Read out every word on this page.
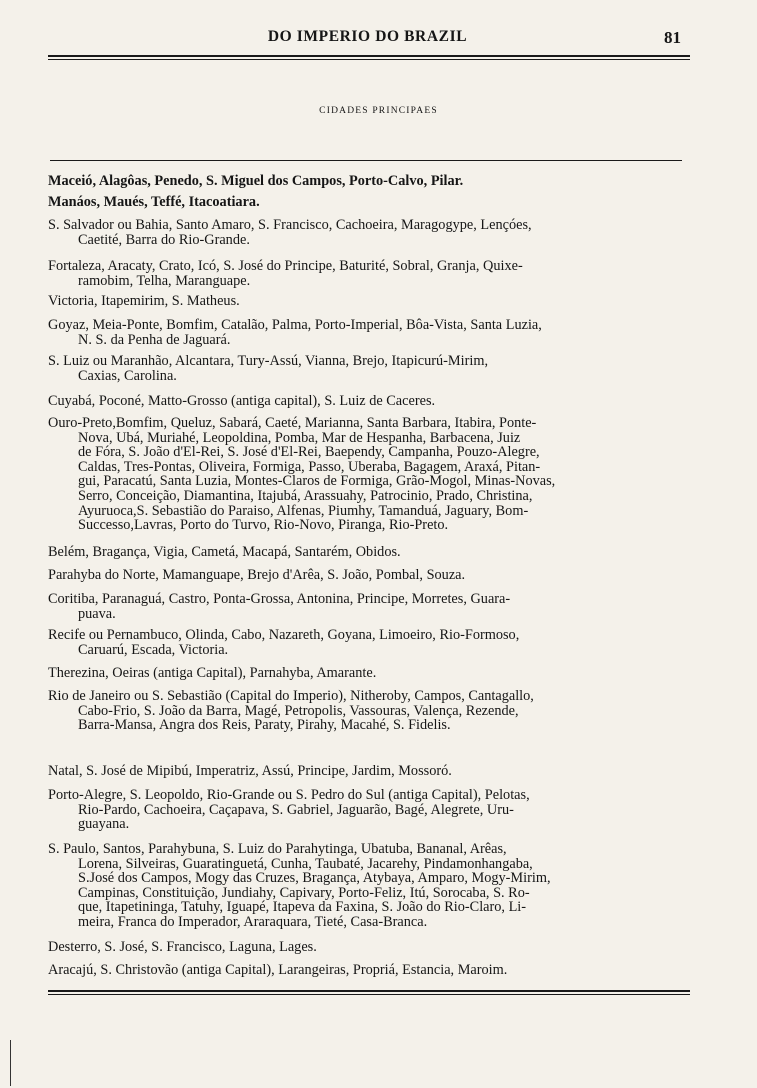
DO IMPERIO DO BRAZIL	81
CIDADES PRINCIPAES
Maceió, Alagôas, Penedo, S. Miguel dos Campos, Porto-Calvo, Pilar.
Manáos, Maués, Teffé, Itacoatiara.
S. Salvador ou Bahia, Santo Amaro, S. Francisco, Cachoeira, Maragogype, Lençóes,
Caetité, Barra do Rio-Grande.
Fortaleza, Aracaty, Crato, Icó, S. José do Principe, Baturité, Sobral, Granja, Quixe-
ramobim, Telha, Maranguape.
Victoria, Itapemirim, S. Matheus.
Goyaz, Meia-Ponte, Bomfim, Catalão, Palma, Porto-Imperial, Bôa-Vista, Santa Luzia,
N. S. da Penha de Jaguará.
S. Luiz ou Maranhão, Alcantara, Tury-Assú, Vianna, Brejo, Itapicurú-Mirim,
Caxias, Carolina.
Cuyabá, Poconé, Matto-Grosso (antiga capital), S. Luiz de Caceres.
Ouro-Preto,Bomfim, Queluz, Sabará, Caeté, Marianna, Santa Barbara, Itabira, Ponte-
Nova, Ubá, Muriahé, Leopoldina, Pomba, Mar de Hespanha, Barbacena, Juiz
de Fóra, S. João d'El-Rei, S. José d'El-Rei, Baependy, Campanha, Pouzo-Alegre,
Caldas, Tres-Pontas, Oliveira, Formiga, Passo, Uberaba, Bagagem, Araxá, Pitan-
gui, Paracatú, Santa Luzia, Montes-Claros de Formiga, Grão-Mogol, Minas-Novas,
Serro, Conceição, Diamantina, Itajubá, Arassuahy, Patrocinio, Prado, Christina,
Ayuruoca,S. Sebastião do Paraiso, Alfenas, Piumhy, Tamanduá, Jaguary, Bom-
Successo,Lavras, Porto do Turvo, Rio-Novo, Piranga, Rio-Preto.
Belém, Bragança, Vigia, Cametá, Macapá, Santarém, Obidos.
Parahyba do Norte, Mamanguape, Brejo d'Arêa, S. João, Pombal, Souza.
Coritiba, Paranaguá, Castro, Ponta-Grossa, Antonina, Principe, Morretes, Guara-
puava.
Recife ou Pernambuco, Olinda, Cabo, Nazareth, Goyana, Limoeiro, Rio-Formoso,
Caruarú, Escada, Victoria.
Therezina, Oeiras (antiga Capital), Parnahyba, Amarante.
Rio de Janeiro ou S. Sebastião (Capital do Imperio), Nitheroby, Campos, Cantagallo,
Cabo-Frio, S. João da Barra, Magé, Petropolis, Vassouras, Valença, Rezende,
Barra-Mansa, Angra dos Reis, Paraty, Pirahy, Macahé, S. Fidelis.
Natal, S. José de Mipibú, Imperatriz, Assú, Principe, Jardim, Mossoró.
Porto-Alegre, S. Leopoldo, Rio-Grande ou S. Pedro do Sul (antiga Capital), Pelotas,
Rio-Pardo, Cachoeira, Caçapava, S. Gabriel, Jaguarão, Bagé, Alegrete, Uru-
guayana.
S. Paulo, Santos, Parahybuna, S. Luiz do Parahytinga, Ubatuba, Bananal, Arêas,
Lorena, Silveiras, Guaratinguetá, Cunha, Taubaté, Jacarehy, Pindamonhangaba,
S.José dos Campos, Mogy das Cruzes, Bragança, Atybaya, Amparo, Mogy-Mirim,
Campinas, Constituição, Jundiahy, Capivary, Porto-Feliz, Itú, Sorocaba, S. Ro-
que, Itapetininga, Tatuhy, Iguapé, Itapeva da Faxina, S. João do Rio-Claro, Li-
meira, Franca do Imperador, Araraquara, Tieté, Casa-Branca.
Desterro, S. José, S. Francisco, Laguna, Lages.
Aracajú, S. Christovão (antiga Capital), Larangeiras, Propriá, Estancia, Maroim.
